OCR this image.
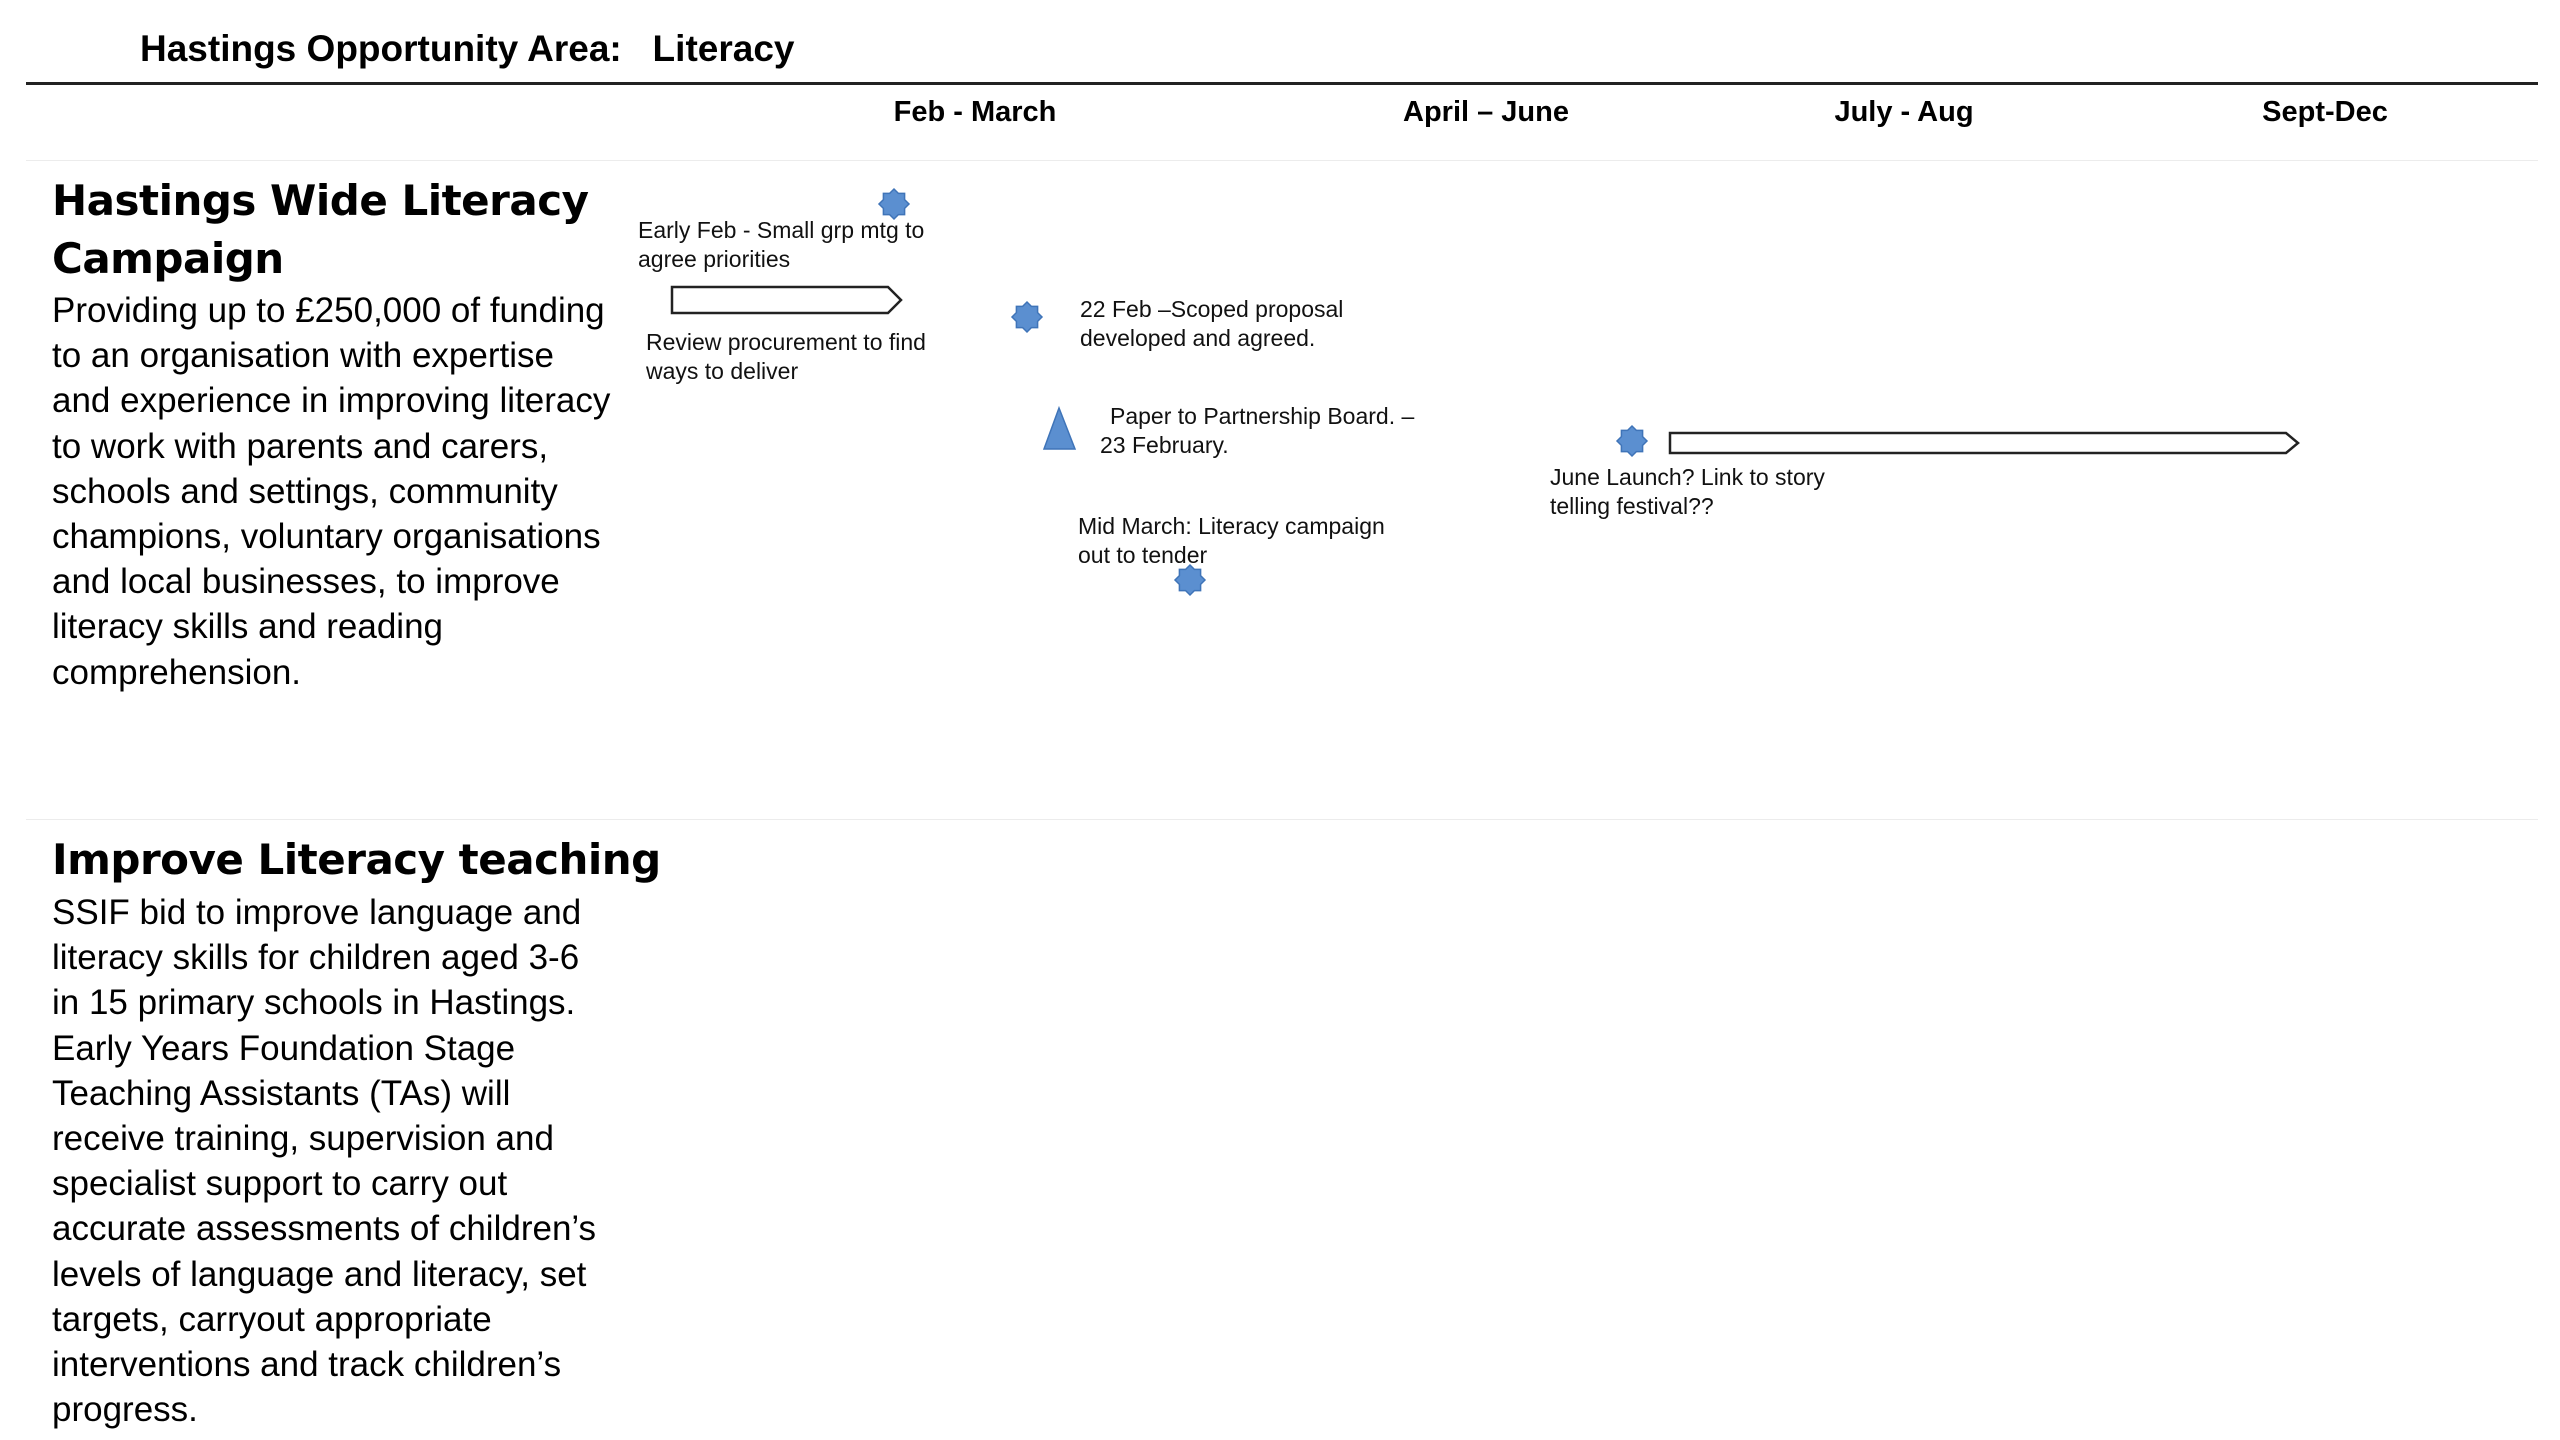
Hastings Opportunity Area:   Literacy
Feb - March	April – June	July - Aug	Sept-Dec
Hastings Wide Literacy
Campaign
Providing up to £250,000 of funding
to an organisation with expertise
and experience in improving literacy
to work with parents and carers,
schools and settings, community
champions, voluntary organisations
and local businesses, to improve
literacy skills and reading
comprehension.
Improve Literacy teaching
SSIF bid to improve language and
literacy skills for children aged 3-6
in 15 primary schools in Hastings.
Early Years Foundation Stage
Teaching Assistants (TAs) will
receive training, supervision and
specialist support to carry out
accurate assessments of children’s
levels of language and literacy, set
targets, carryout appropriate
interventions and track children’s
progress.
Early Feb - Small grp mtg to
agree priorities
Review procurement to find
ways to deliver
22 Feb –Scoped proposal
developed and agreed.
Paper to Partnership Board. –
23 February.
Mid March: Literacy campaign
out to tender
June Launch? Link to story
telling festival??
